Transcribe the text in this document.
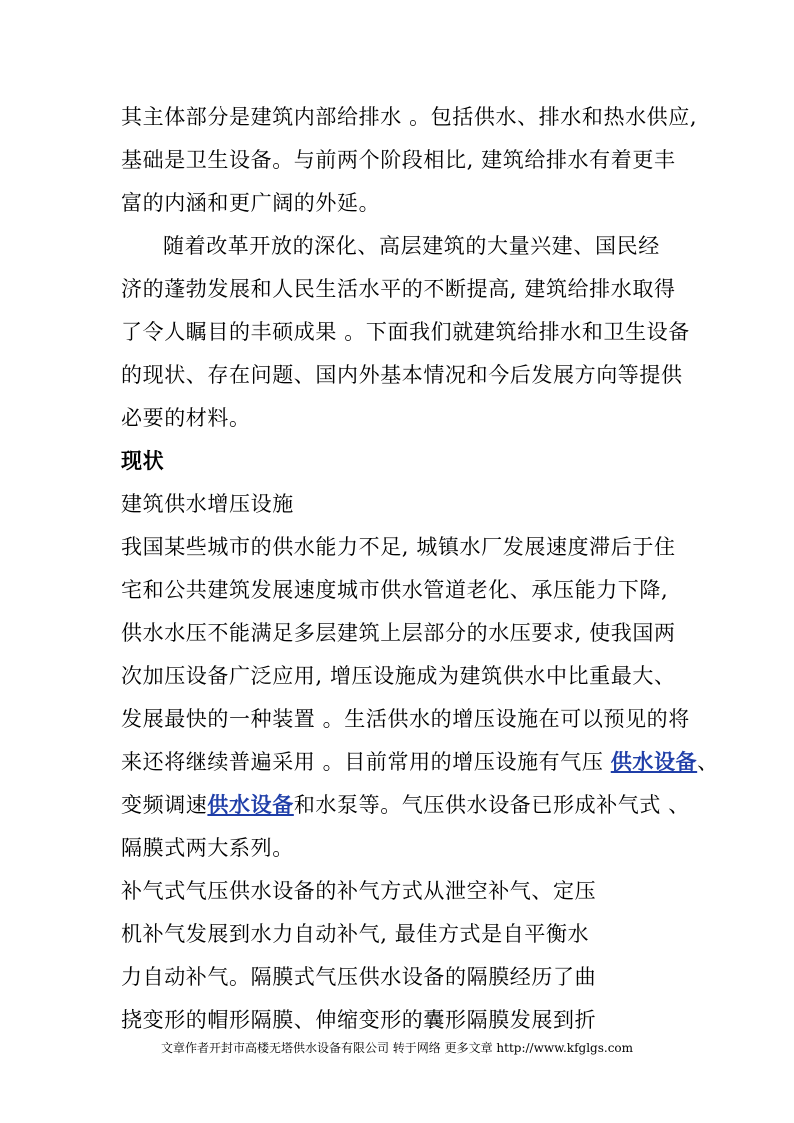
其主体部分是建筑内部给排水 。包括供水、排水和热水供应,
基础是卫生设备。与前两个阶段相比, 建筑给排水有着更丰
富的内涵和更广阔的外延。
随着改革开放的深化、高层建筑的大量兴建、国民经
济的蓬勃发展和人民生活水平的不断提高, 建筑给排水取得
了令人瞩目的丰硕成果 。下面我们就建筑给排水和卫生设备
的现状、存在问题、国内外基本情况和今后发展方向等提供
必要的材料。
现状
建筑供水增压设施
我国某些城市的供水能力不足, 城镇水厂发展速度滞后于住
宅和公共建筑发展速度城市供水管道老化、承压能力下降,
供水水压不能满足多层建筑上层部分的水压要求, 使我国两
次加压设备广泛应用, 增压设施成为建筑供水中比重最大、
发展最快的一种装置 。生活供水的增压设施在可以预见的将
来还将继续普遍采用 。目前常用的增压设施有气压 供水设备、
变频调速供水设备和水泵等。气压供水设备已形成补气式 、
隔膜式两大系列。
补气式气压供水设备的补气方式从泄空补气、定压
机补气发展到水力自动补气, 最佳方式是自平衡水
力自动补气。隔膜式气压供水设备的隔膜经历了曲
挠变形的帽形隔膜、伸缩变形的囊形隔膜发展到折
文章作者开封市高楼无塔供水设备有限公司 转于网络 更多文章 http://www.kfglgs.com
